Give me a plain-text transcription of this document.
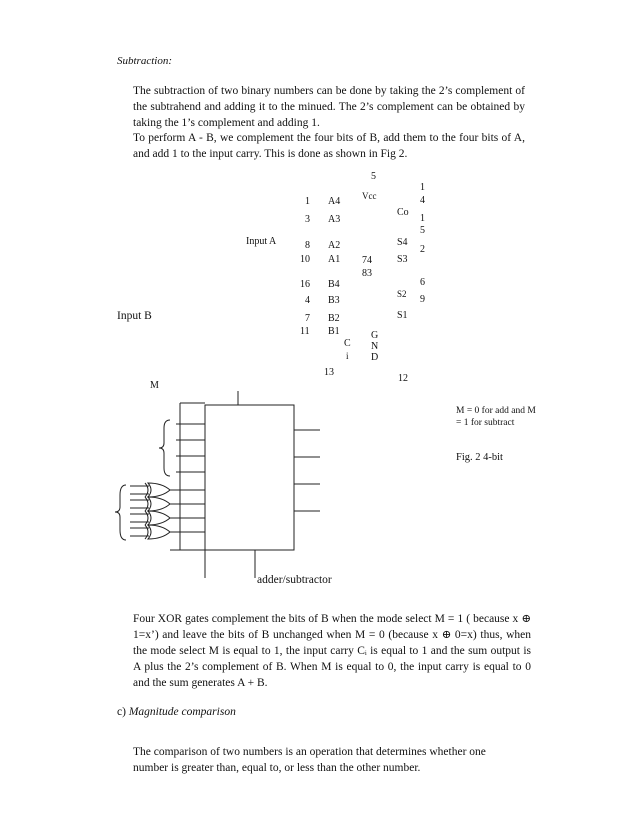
Subtraction:
The subtraction of two binary numbers can be done by taking the 2’s complement of the subtrahend and adding it to the minued. The 2’s complement can be obtained by taking the 1’s complement and adding 1.
To perform A - B, we complement the four bits of B, add them to the four bits of A, and add 1 to the input carry. This is done as shown in Fig 2.
5
Vcc
Input A
1
3
8
10
A4
A3
A2
A1
16
4
7
11
B4
B3
B2
B1
74
83
G
N
D
C
i
13
12
Co
1
4
1
5
S4
2
S3
S2
6
9
S1
Input B
M
M = 0 for add and M = 1 for subtract
Fig. 2 4-bit
adder/subtractor
Four XOR gates complement the bits of B when the mode select M = 1 ( because x ⊕ 1=x’) and leave the bits of B unchanged when M = 0 (because x ⊕ 0=x) thus, when the mode select M is equal to 1, the input carry Cᵢ is equal to 1 and the sum output is A plus the 2’s complement of B. When M is equal to 0, the input carry is equal to 0 and the sum generates A + B.
c) Magnitude comparison
The comparison of two numbers is an operation that determines whether one number is greater than, equal to, or less than the other number.
